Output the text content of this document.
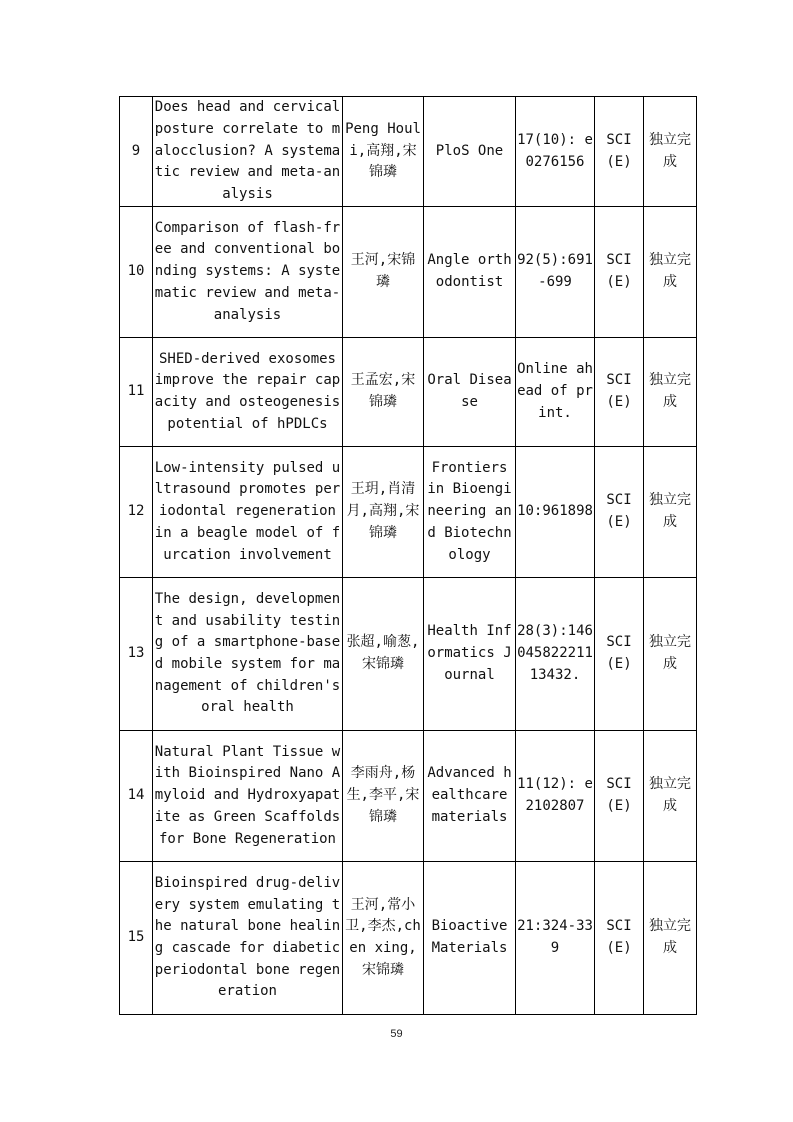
9	Does head and cervical posture correlate to malocclusion? A systematic review and meta-analysis	Peng Houli,高翔,宋锦璘	PloS One	17(10): e0276156	SCI(E)	独立完成
10	Comparison of flash-free and conventional bonding systems: A systematic review and meta-analysis	王河,宋锦璘	Angle orthodontist	92(5):691-699	SCI(E)	独立完成
11	SHED-derived exosomes improve the repair capacity and osteogenesis potential of hPDLCs	王孟宏,宋锦璘	Oral Disease	Online ahead of print.	SCI(E)	独立完成
12	Low-intensity pulsed ultrasound promotes periodontal regeneration in a beagle model of furcation involvement	王玥,肖清月,高翔,宋锦璘	Frontiers in Bioengineering and Biotechnology	10:961898	SCI(E)	独立完成
13	The design, development and usability testing of a smartphone-based mobile system for management of children's oral health	张超,喻葱,宋锦璘	Health Informatics Journal	28(3):14604582221113432.	SCI(E)	独立完成
14	Natural Plant Tissue with Bioinspired Nano Amyloid and Hydroxyapatite as Green Scaffolds for Bone Regeneration	李雨舟,杨生,李平,宋锦璘	Advanced healthcare materials	11(12): e2102807	SCI(E)	独立完成
15	Bioinspired drug-delivery system emulating the natural bone healing cascade for diabetic periodontal bone regeneration	王河,常小卫,李杰,chen xing,宋锦璘	Bioactive Materials	21:324-339	SCI(E)	独立完成
59
